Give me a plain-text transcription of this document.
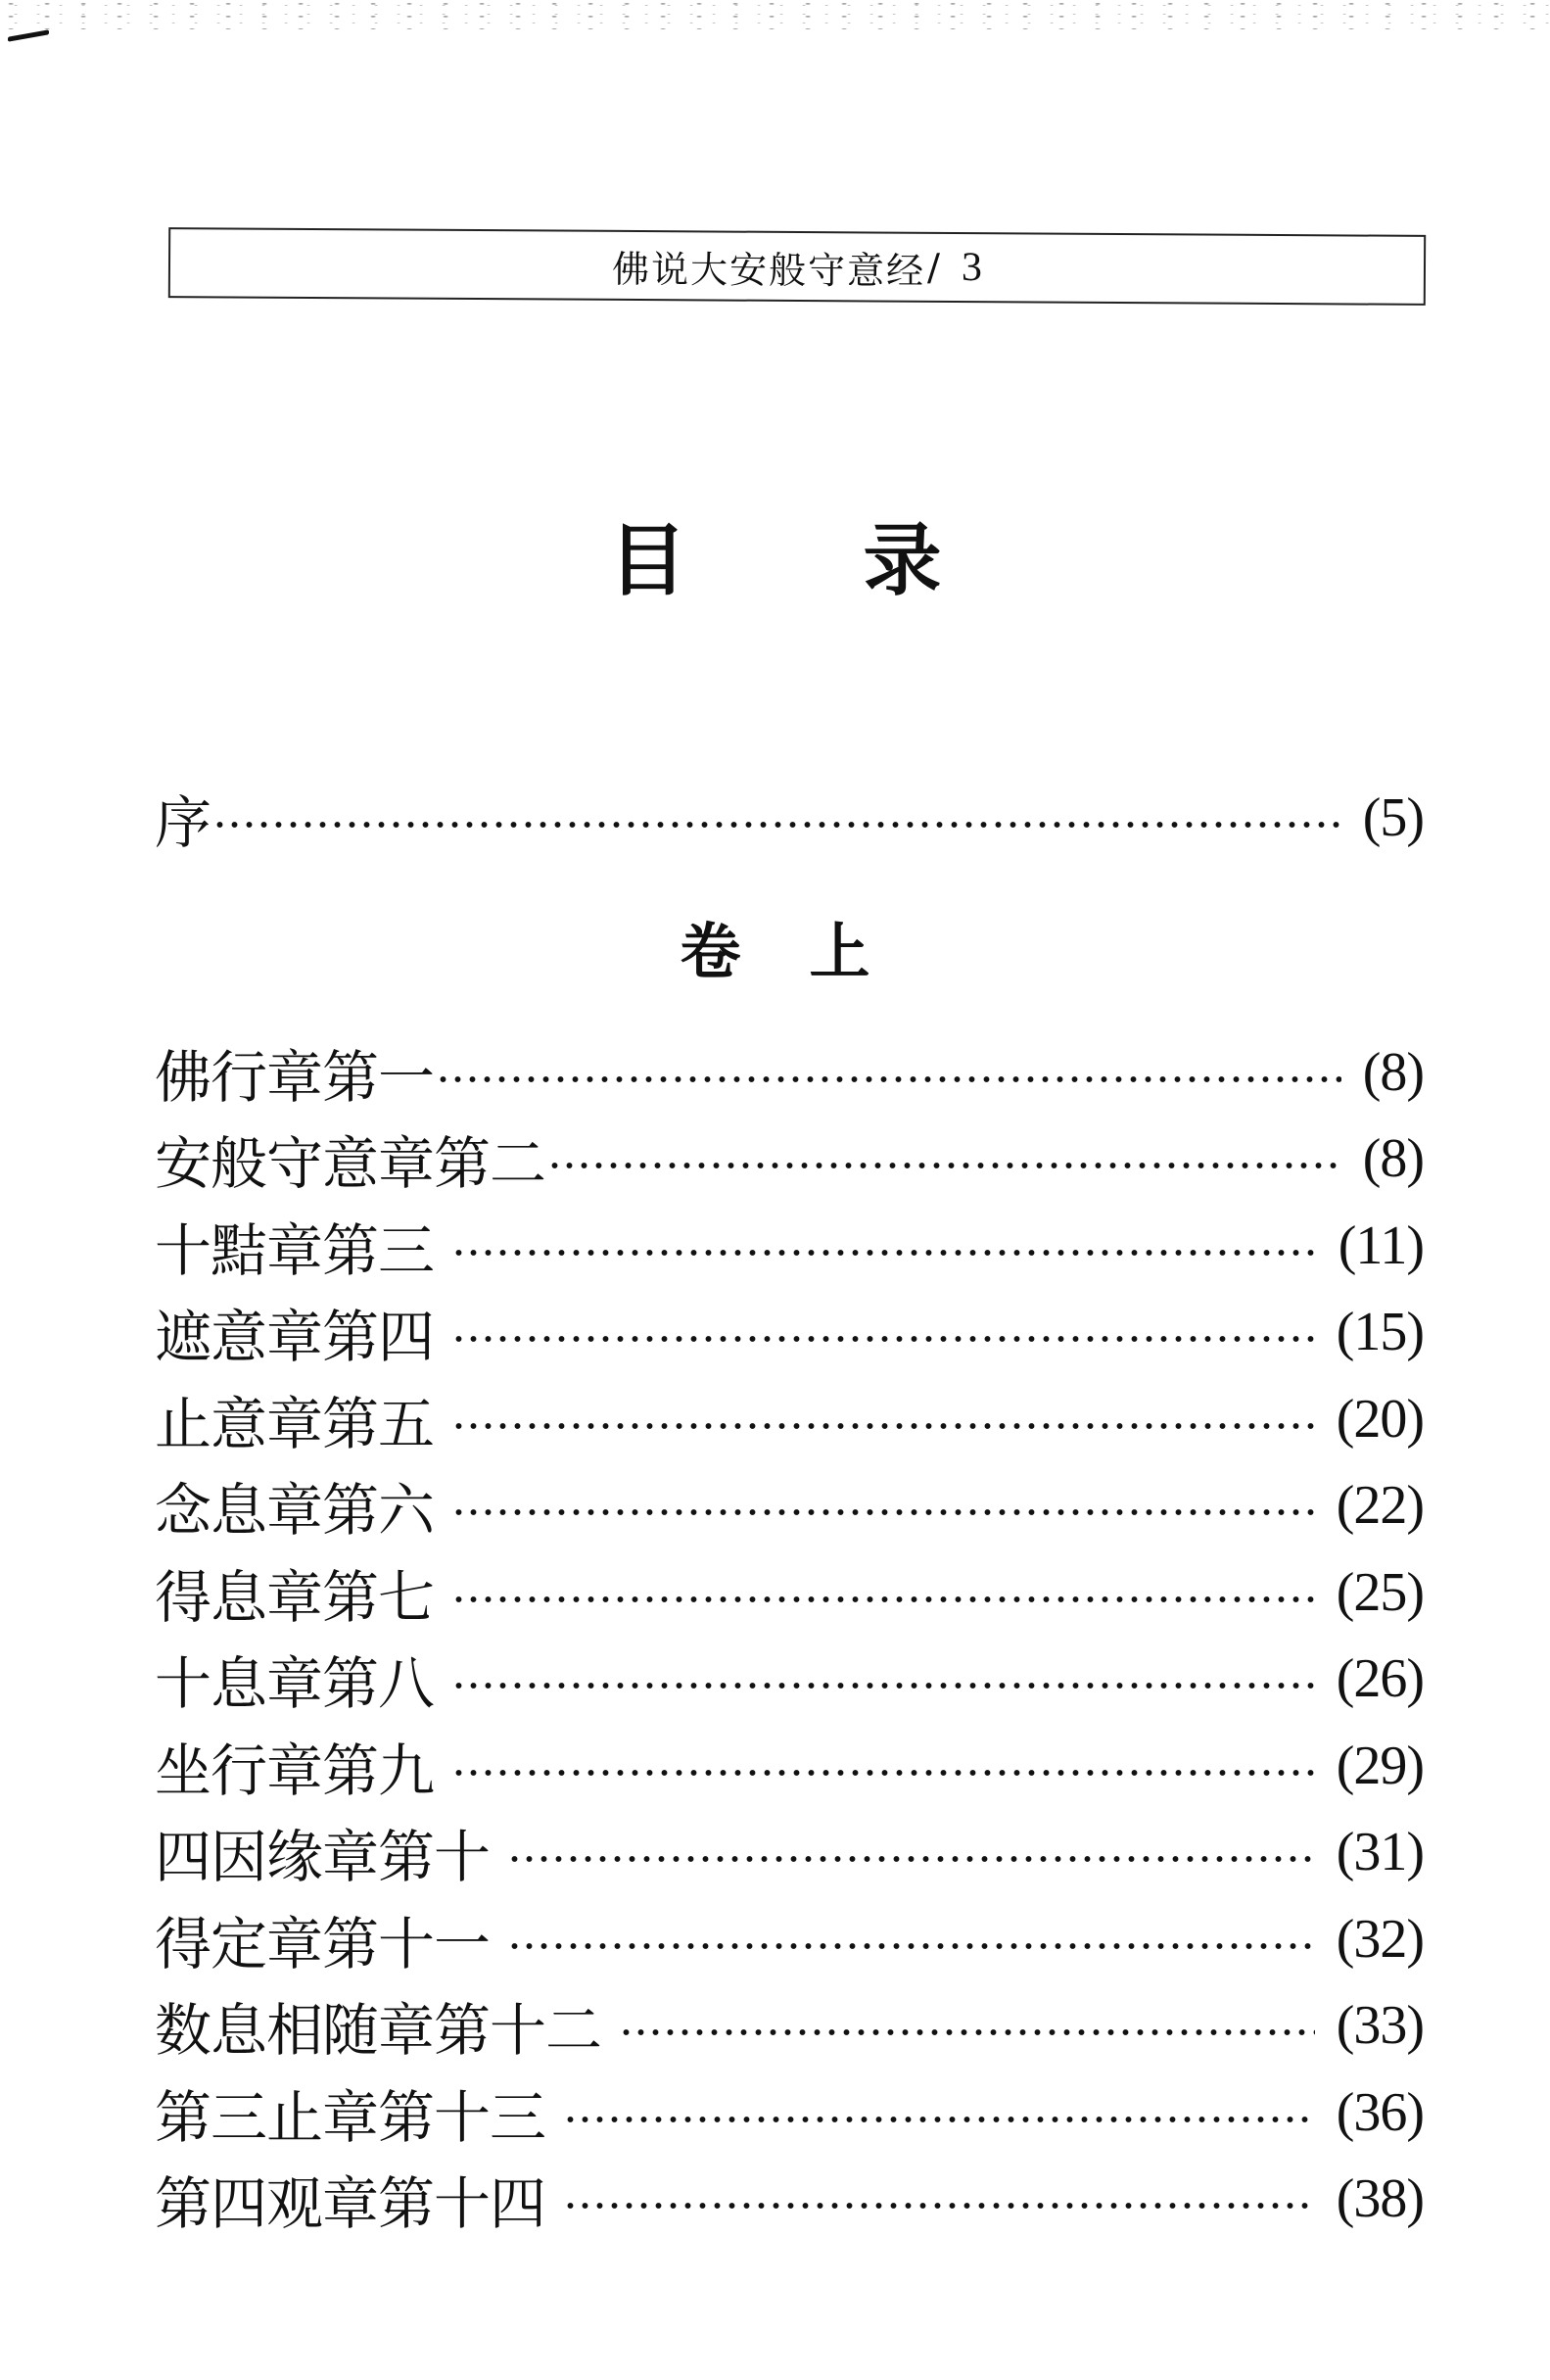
佛说大安般守意经 / 3
目 录
序	(5)
卷 上
佛行章第一	(8)
安般守意章第二	(8)
十黠章第三	(11)
遮意章第四	(15)
止意章第五	(20)
念息章第六	(22)
得息章第七	(25)
十息章第八	(26)
坐行章第九	(29)
四因缘章第十	(31)
得定章第十一	(32)
数息相随章第十二	(33)
第三止章第十三	(36)
第四观章第十四	(38)
